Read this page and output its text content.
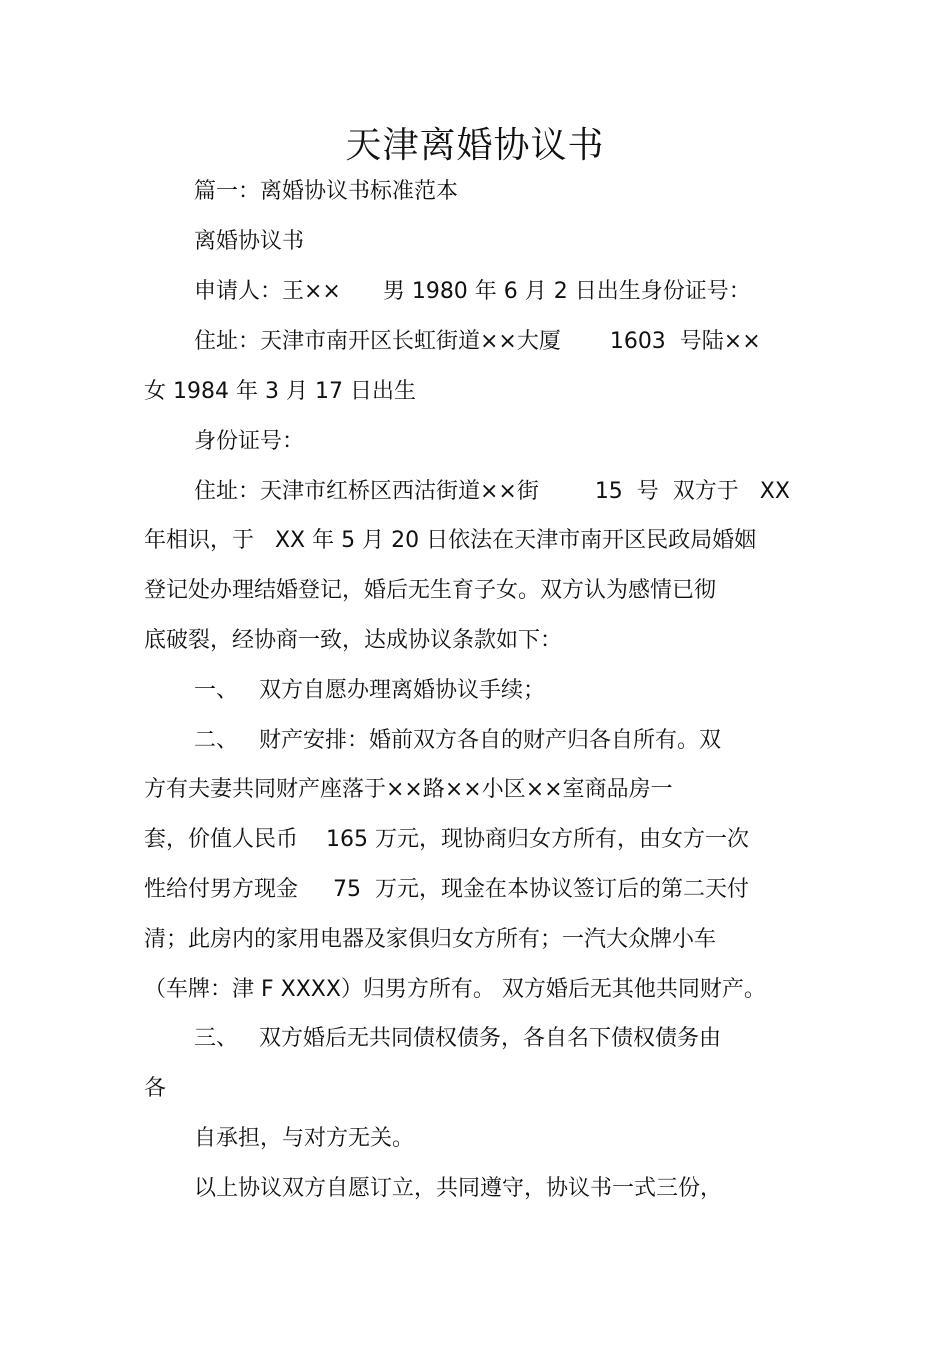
天津离婚协议书

篇一：离婚协议书标准范本

离婚协议书

申请人：王××      男 1980 年 6 月 2 日出生身份证号：

住址：天津市南开区长虹街道××大厦       1603  号陆××

女 1984 年 3 月 17 日出生

身份证号：

住址：天津市红桥区西沽街道××街        15  号  双方于   XX

年相识，于   XX 年 5 月 20 日依法在天津市南开区民政局婚姻

登记处办理结婚登记，婚后无生育子女。双方认为感情已彻

底破裂，经协商一致，达成协议条款如下：

一、   双方自愿办理离婚协议手续；

二、   财产安排：婚前双方各自的财产归各自所有。双

方有夫妻共同财产座落于××路××小区××室商品房一

套，价值人民币    165 万元，现协商归女方所有，由女方一次

性给付男方现金     75  万元，现金在本协议签订后的第二天付

清；此房内的家用电器及家俱归女方所有；一汽大众牌小车

（车牌：津 F XXXX）归男方所有。 双方婚后无其他共同财产。

三、   双方婚后无共同债权债务，各自名下债权债务由

各

自承担，与对方无关。

以上协议双方自愿订立，共同遵守，协议书一式三份，
